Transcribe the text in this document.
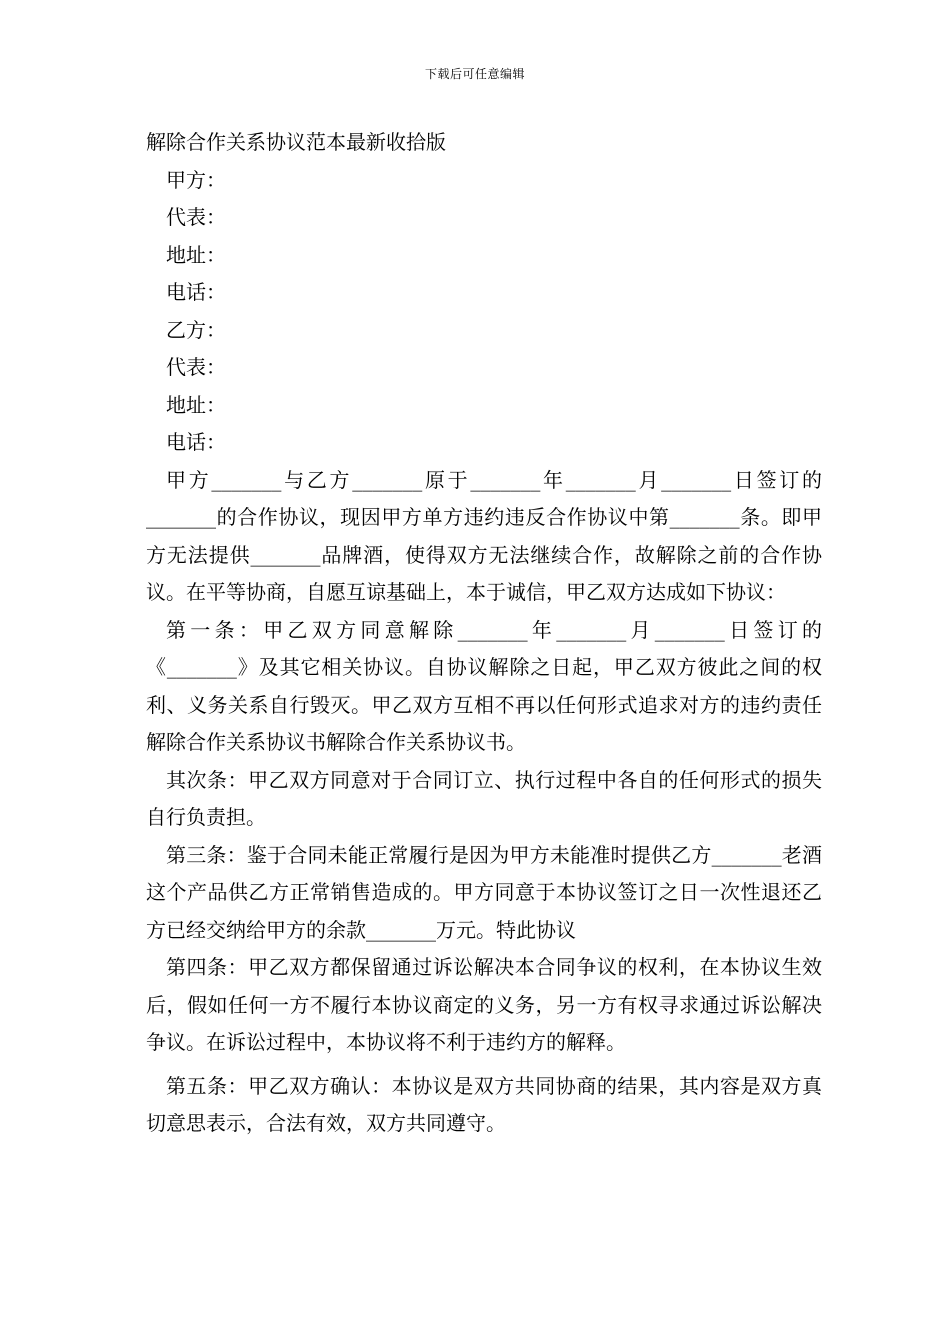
下载后可任意编辑
解除合作关系协议范本最新收拾版

甲方：

代表：

地址：

电话：

乙方：

代表：

地址：

电话：

甲方_______与乙方_______原于_______年_______月_______日签订的_______的合作协议，现因甲方单方违约违反合作协议中第_______条。即甲方无法提供_______品牌酒，使得双方无法继续合作，故解除之前的合作协议。在平等协商，自愿互谅基础上，本于诚信，甲乙双方达成如下协议：

第一条：甲乙双方同意解除_______年_______月_______日签订的《_______》及其它相关协议。自协议解除之日起，甲乙双方彼此之间的权利、义务关系自行毁灭。甲乙双方互相不再以任何形式追求对方的违约责任解除合作关系协议书解除合作关系协议书。

其次条：甲乙双方同意对于合同订立、执行过程中各自的任何形式的损失自行负责担。

第三条：鉴于合同未能正常履行是因为甲方未能准时提供乙方_______老酒这个产品供乙方正常销售造成的。甲方同意于本协议签订之日一次性退还乙方已经交纳给甲方的余款_______万元。特此协议

第四条：甲乙双方都保留通过诉讼解决本合同争议的权利，在本协议生效后，假如任何一方不履行本协议商定的义务，另一方有权寻求通过诉讼解决争议。在诉讼过程中，本协议将不利于违约方的解释。

第五条：甲乙双方确认：本协议是双方共同协商的结果，其内容是双方真切意思表示，合法有效，双方共同遵守。
